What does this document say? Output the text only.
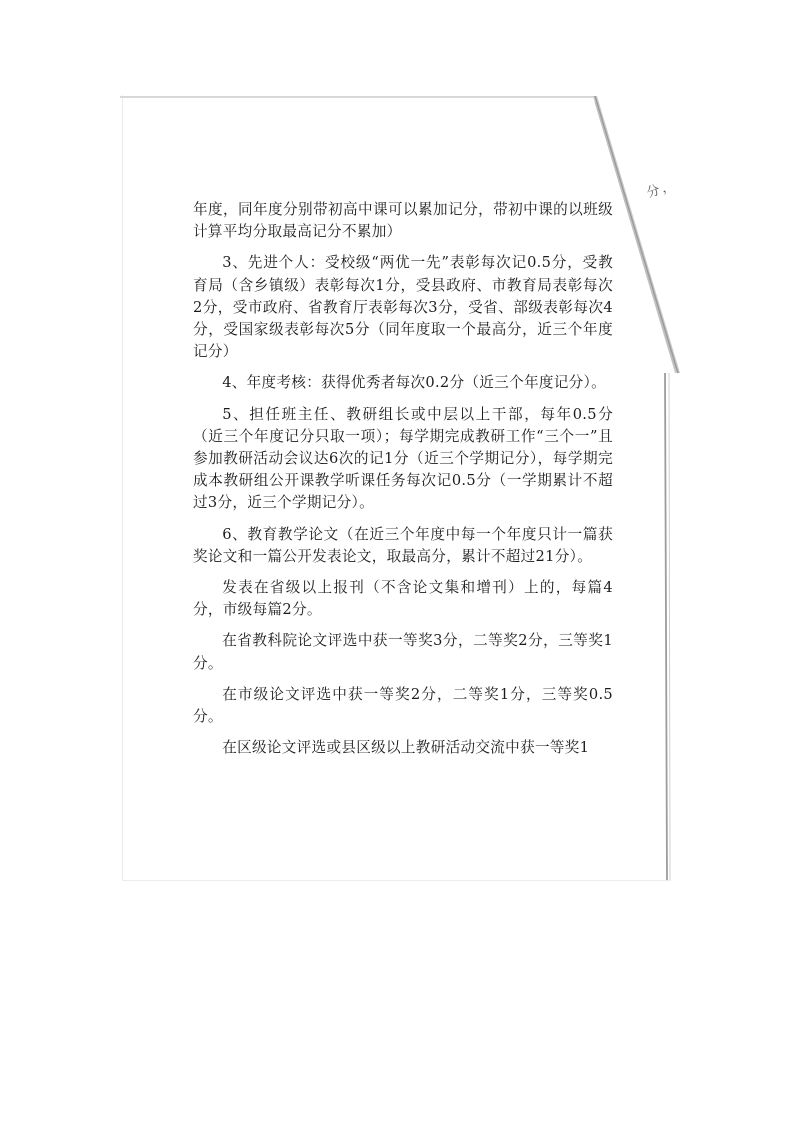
分，

年度，同年度分别带初高中课可以累加记分，带初中课的以班级计算平均分取最高记分不累加）

3、先进个人：受校级“两优一先”表彰每次记0.5分，受教育局（含乡镇级）表彰每次1分，受县政府、市教育局表彰每次2分，受市政府、省教育厅表彰每次3分，受省、部级表彰每次4分，受国家级表彰每次5分（同年度取一个最高分，近三个年度记分）

4、年度考核：获得优秀者每次0.2分（近三个年度记分）。

5、担任班主任、教研组长或中层以上干部，每年0.5分（近三个年度记分只取一项）；每学期完成教研工作“三个一”且参加教研活动会议达6次的记1分（近三个学期记分），每学期完成本教研组公开课教学听课任务每次记0.5分（一学期累计不超过3分，近三个学期记分）。

6、教育教学论文（在近三个年度中每一个年度只计一篇获奖论文和一篇公开发表论文，取最高分，累计不超过21分）。

发表在省级以上报刊（不含论文集和增刊）上的，每篇4分，市级每篇2分。

在省教科院论文评选中获一等奖3分，二等奖2分，三等奖1分。

在市级论文评选中获一等奖2分，二等奖1分，三等奖0.5分。

在区级论文评选或县区级以上教研活动交流中获一等奖1
